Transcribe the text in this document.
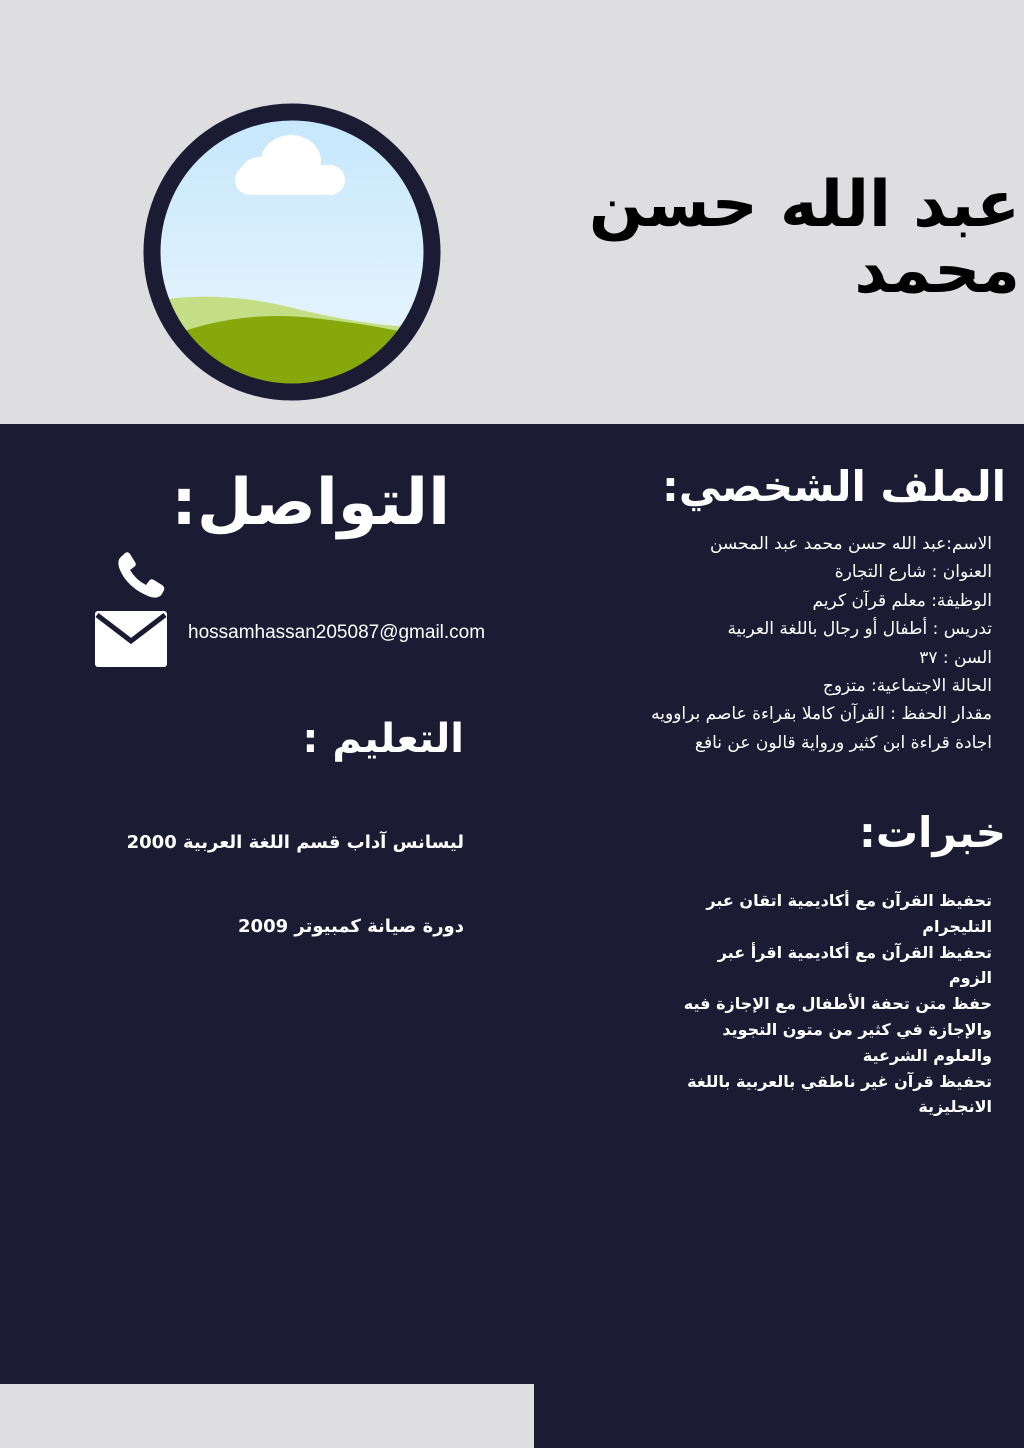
عبد الله حسن
محمد
الملف الشخصي:
الاسم:عبد الله حسن محمد عبد المحسن
العنوان : شارع التجارة
الوظيفة: معلم قرآن كريم
تدريس : أطفال أو رجال باللغة العربية
السن : ٣٧
الحالة الاجتماعية: متزوج
مقدار الحفظ : القرآن كاملا بقراءة عاصم براوويه
اجادة قراءة ابن كثير ورواية قالون عن نافع
خبرات:
تحفيظ القرآن مع أكاديمية اتقان عبر التليجرام
تحفيظ القرآن مع أكاديمية اقرأ عبر الزوم
حفظ متن تحفة الأطفال مع الإجازة فيه والإجازة في كثير من متون التجويد والعلوم الشرعية
تحفيظ قرآن غير ناطقي بالعربية باللغة الانجليزية
التواصل:
hossamhassan205087@gmail.com
التعليم :
ليسانس آداب قسم اللغة العربية 2000
دورة صيانة كمبيوتر 2009
